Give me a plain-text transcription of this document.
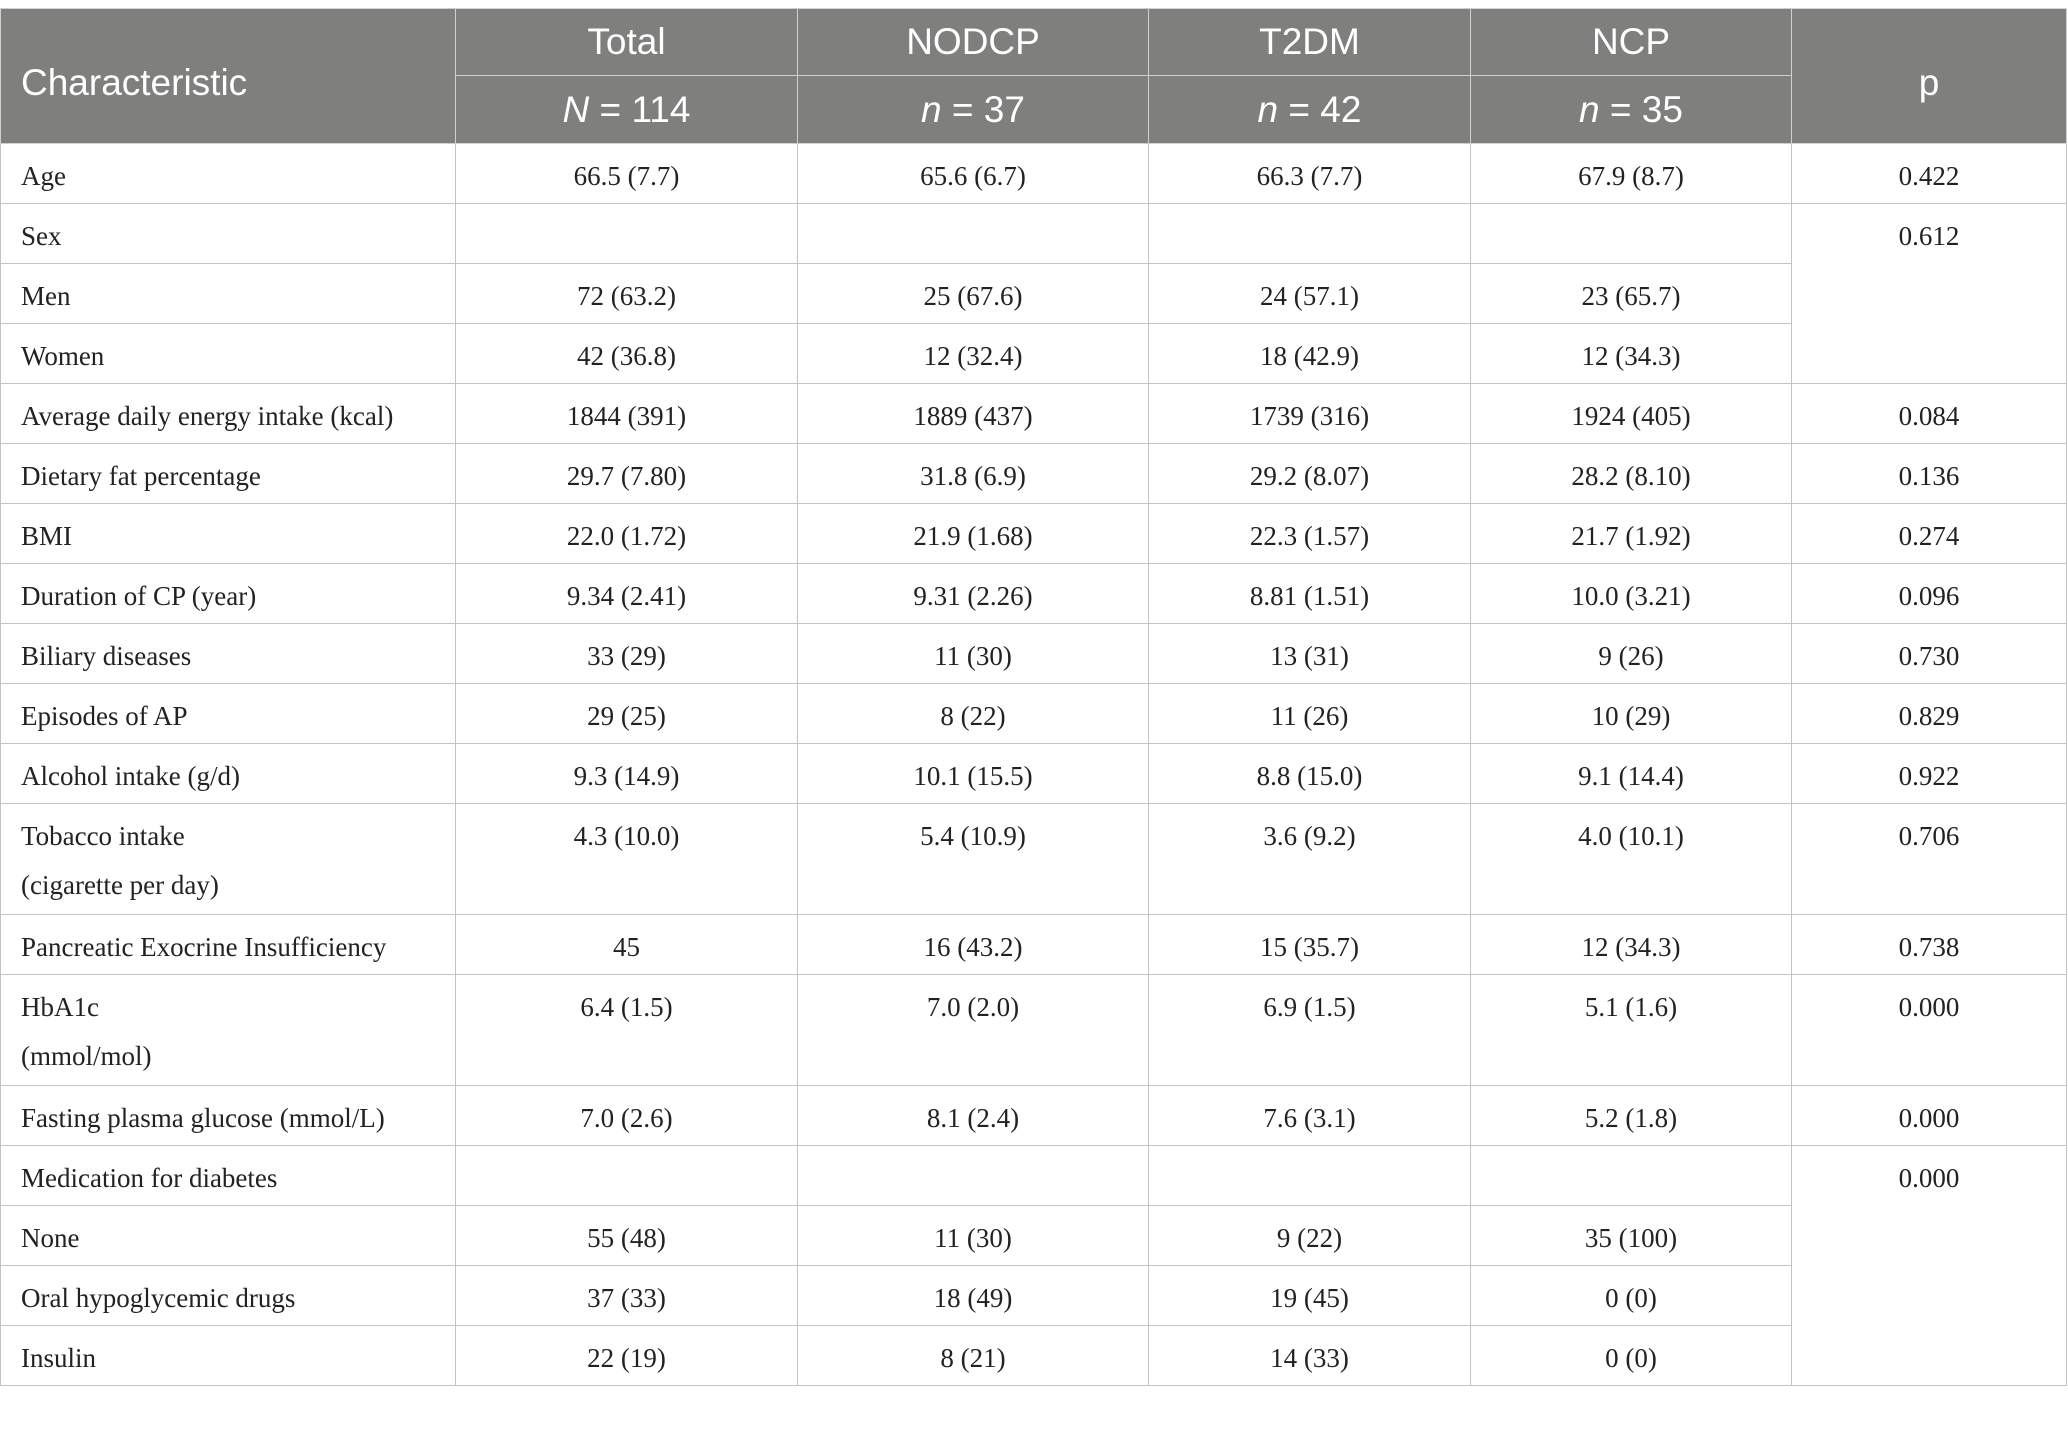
Characteristic	Total	NODCP	T2DM	NCP	p
	N = 114	n = 37	n = 42	n = 35	
Age	66.5 (7.7)	65.6 (6.7)	66.3 (7.7)	67.9 (8.7)	0.422
Sex					0.612
Men	72 (63.2)	25 (67.6)	24 (57.1)	23 (65.7)	
Women	42 (36.8)	12 (32.4)	18 (42.9)	12 (34.3)	
Average daily energy intake (kcal)	1844 (391)	1889 (437)	1739 (316)	1924 (405)	0.084
Dietary fat percentage	29.7 (7.80)	31.8 (6.9)	29.2 (8.07)	28.2 (8.10)	0.136
BMI	22.0 (1.72)	21.9 (1.68)	22.3 (1.57)	21.7 (1.92)	0.274
Duration of CP (year)	9.34 (2.41)	9.31 (2.26)	8.81 (1.51)	10.0 (3.21)	0.096
Biliary diseases	33 (29)	11 (30)	13 (31)	9 (26)	0.730
Episodes of AP	29 (25)	8 (22)	11 (26)	10 (29)	0.829
Alcohol intake (g/d)	9.3 (14.9)	10.1 (15.5)	8.8 (15.0)	9.1 (14.4)	0.922
Tobacco intake
(cigarette per day)	4.3 (10.0)	5.4 (10.9)	3.6 (9.2)	4.0 (10.1)	0.706
Pancreatic Exocrine Insufficiency	45	16 (43.2)	15 (35.7)	12 (34.3)	0.738
HbA1c
(mmol/mol)	6.4 (1.5)	7.0 (2.0)	6.9 (1.5)	5.1 (1.6)	0.000
Fasting plasma glucose (mmol/L)	7.0 (2.6)	8.1 (2.4)	7.6 (3.1)	5.2 (1.8)	0.000
Medication for diabetes					0.000
None	55 (48)	11 (30)	9 (22)	35 (100)	
Oral hypoglycemic drugs	37 (33)	18 (49)	19 (45)	0 (0)	
Insulin	22 (19)	8 (21)	14 (33)	0 (0)	
